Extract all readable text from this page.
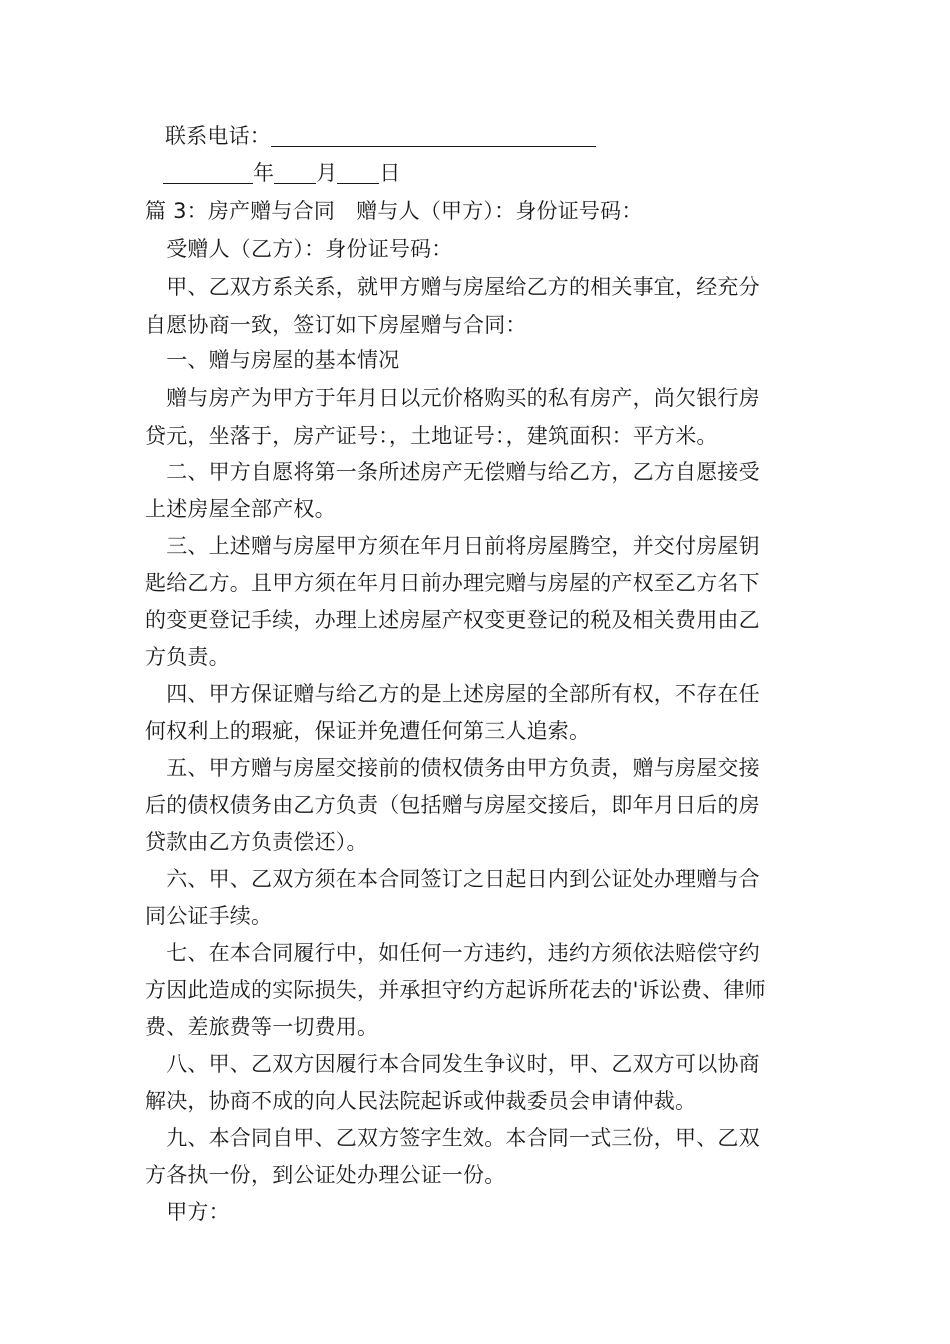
联系电话：
年 月 日
篇 3：房产赠与合同　赠与人（甲方）：身份证号码：
　受赠人（乙方）：身份证号码：
　甲、乙双方系关系，就甲方赠与房屋给乙方的相关事宜，经充分
自愿协商一致，签订如下房屋赠与合同：
　一、赠与房屋的基本情况
　赠与房产为甲方于年月日以元价格购买的私有房产，尚欠银行房
贷元，坐落于，房产证号：，土地证号：，建筑面积：平方米。
　二、甲方自愿将第一条所述房产无偿赠与给乙方，乙方自愿接受
上述房屋全部产权。
　三、上述赠与房屋甲方须在年月日前将房屋腾空，并交付房屋钥
匙给乙方。且甲方须在年月日前办理完赠与房屋的产权至乙方名下
的变更登记手续，办理上述房屋产权变更登记的税及相关费用由乙
方负责。
　四、甲方保证赠与给乙方的是上述房屋的全部所有权，不存在任
何权利上的瑕疵，保证并免遭任何第三人追索。
　五、甲方赠与房屋交接前的债权债务由甲方负责，赠与房屋交接
后的债权债务由乙方负责（包括赠与房屋交接后，即年月日后的房
贷款由乙方负责偿还）。
　六、甲、乙双方须在本合同签订之日起日内到公证处办理赠与合
同公证手续。
　七、在本合同履行中，如任何一方违约，违约方须依法赔偿守约
方因此造成的实际损失，并承担守约方起诉所花去的'诉讼费、律师
费、差旅费等一切费用。
　八、甲、乙双方因履行本合同发生争议时，甲、乙双方可以协商
解决，协商不成的向人民法院起诉或仲裁委员会申请仲裁。
　九、本合同自甲、乙双方签字生效。本合同一式三份，甲、乙双
方各执一份，到公证处办理公证一份。
　甲方：
